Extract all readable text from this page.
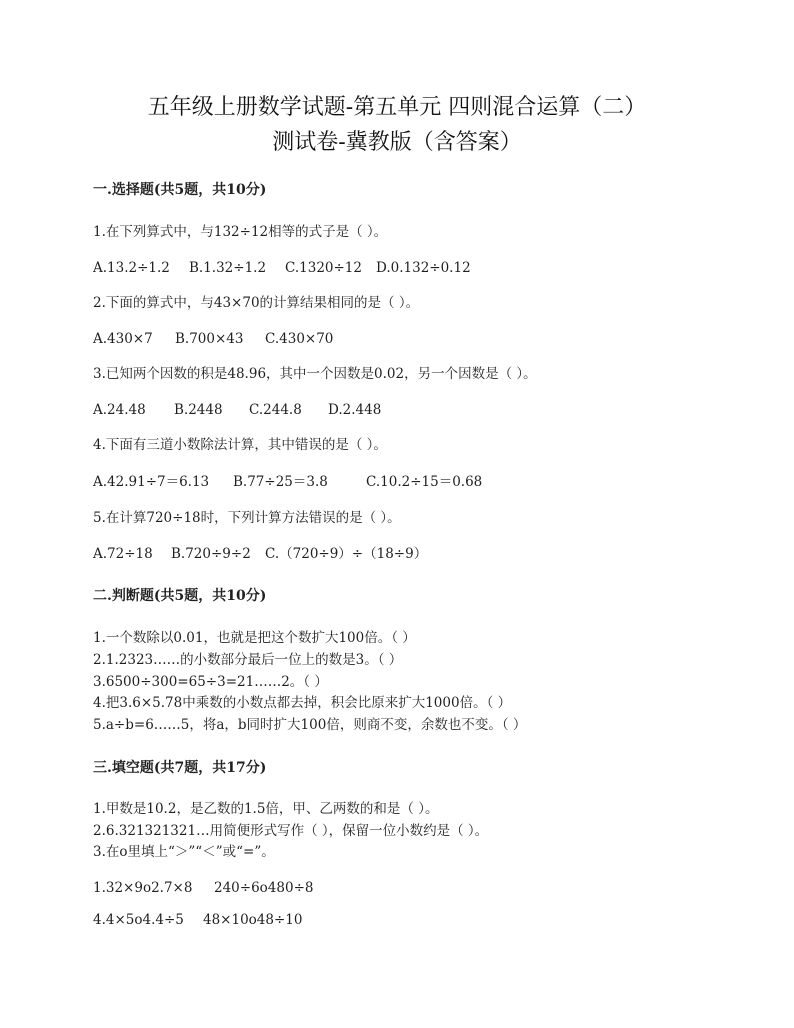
五年级上册数学试题-第五单元 四则混合运算（二）
测试卷-冀教版（含答案）
一.选择题(共5题，共10分)
1.在下列算式中，与132÷12相等的式子是（ ）。
A.13.2÷1.2 B.1.32÷1.2 C.1320÷12 D.0.132÷0.12
2.下面的算式中，与43×70的计算结果相同的是（ ）。
A.430×7 B.700×43 C.430×70
3.已知两个因数的积是48.96，其中一个因数是0.02，另一个因数是（ ）。
A.24.48 B.2448 C.244.8 D.2.448
4.下面有三道小数除法计算，其中错误的是（ ）。
A.42.91÷7＝6.13 B.77÷25＝3.8	C.10.2÷15＝0.68
5.在计算720÷18时，下列计算方法错误的是（ ）。
A.72÷18 B.720÷9÷2 C.（720÷9）÷（18÷9）
二.判断题(共5题，共10分)
1.一个数除以0.01，也就是把这个数扩大100倍。（ ）
2.1.2323……的小数部分最后一位上的数是3。（ ）
3.6500÷300=65÷3=21……2。（ ）
4.把3.6×5.78中乘数的小数点都去掉，积会比原来扩大1000倍。（ ）
5.a÷b=6……5，将a，b同时扩大100倍，则商不变，余数也不变。（ ）
三.填空题(共7题，共17分)
1.甲数是10.2，是乙数的1.5倍，甲、乙两数的和是（ ）。
2.6.321321321…用简便形式写作（ ），保留一位小数约是（ ）。
3.在o里填上“＞”“＜”或“=”。
1.32×9o2.7×8 240÷6o480÷8
4.4×5o4.4÷5 48×10o48÷10
